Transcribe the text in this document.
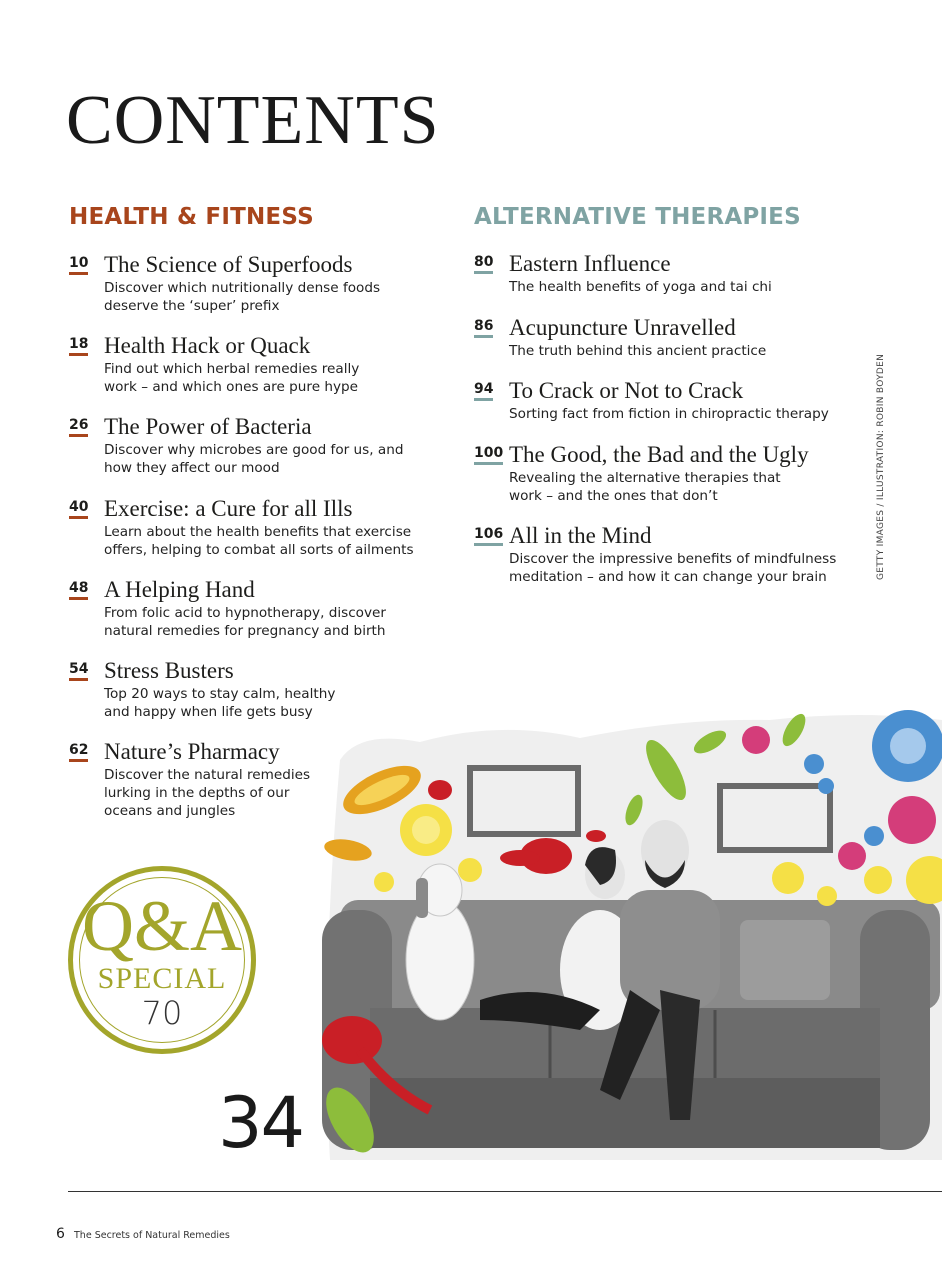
CONTENTS
HEALTH & FITNESS	ALTERNATIVE THERAPIES
10 The Science of Superfoods
Discover which nutritionally dense foods
deserve the ‘super’ prefix
18 Health Hack or Quack
Find out which herbal remedies really
work – and which ones are pure hype
26 The Power of Bacteria
Discover why microbes are good for us, and
how they affect our mood
40 Exercise: a Cure for all Ills
Learn about the health benefits that exercise
offers, helping to combat all sorts of ailments
48 A Helping Hand
From folic acid to hypnotherapy, discover
natural remedies for pregnancy and birth
54 Stress Busters
Top 20 ways to stay calm, healthy
and happy when life gets busy
62 Nature’s Pharmacy
Discover the natural remedies
lurking in the depths of our
oceans and jungles
80 Eastern Influence
The health benefits of yoga and tai chi
86 Acupuncture Unravelled
The truth behind this ancient practice
94 To Crack or Not to Crack
Sorting fact from fiction in chiropractic therapy
100 The Good, the Bad and the Ugly
Revealing the alternative therapies that
work – and the ones that don’t
106 All in the Mind
Discover the impressive benefits of mindfulness
meditation – and how it can change your brain	GETTY IMAGES / ILLUSTRATION: ROBIN BOYDEN
Q&A
SPECIAL
70
34
6 The Secrets of Natural Remedies
